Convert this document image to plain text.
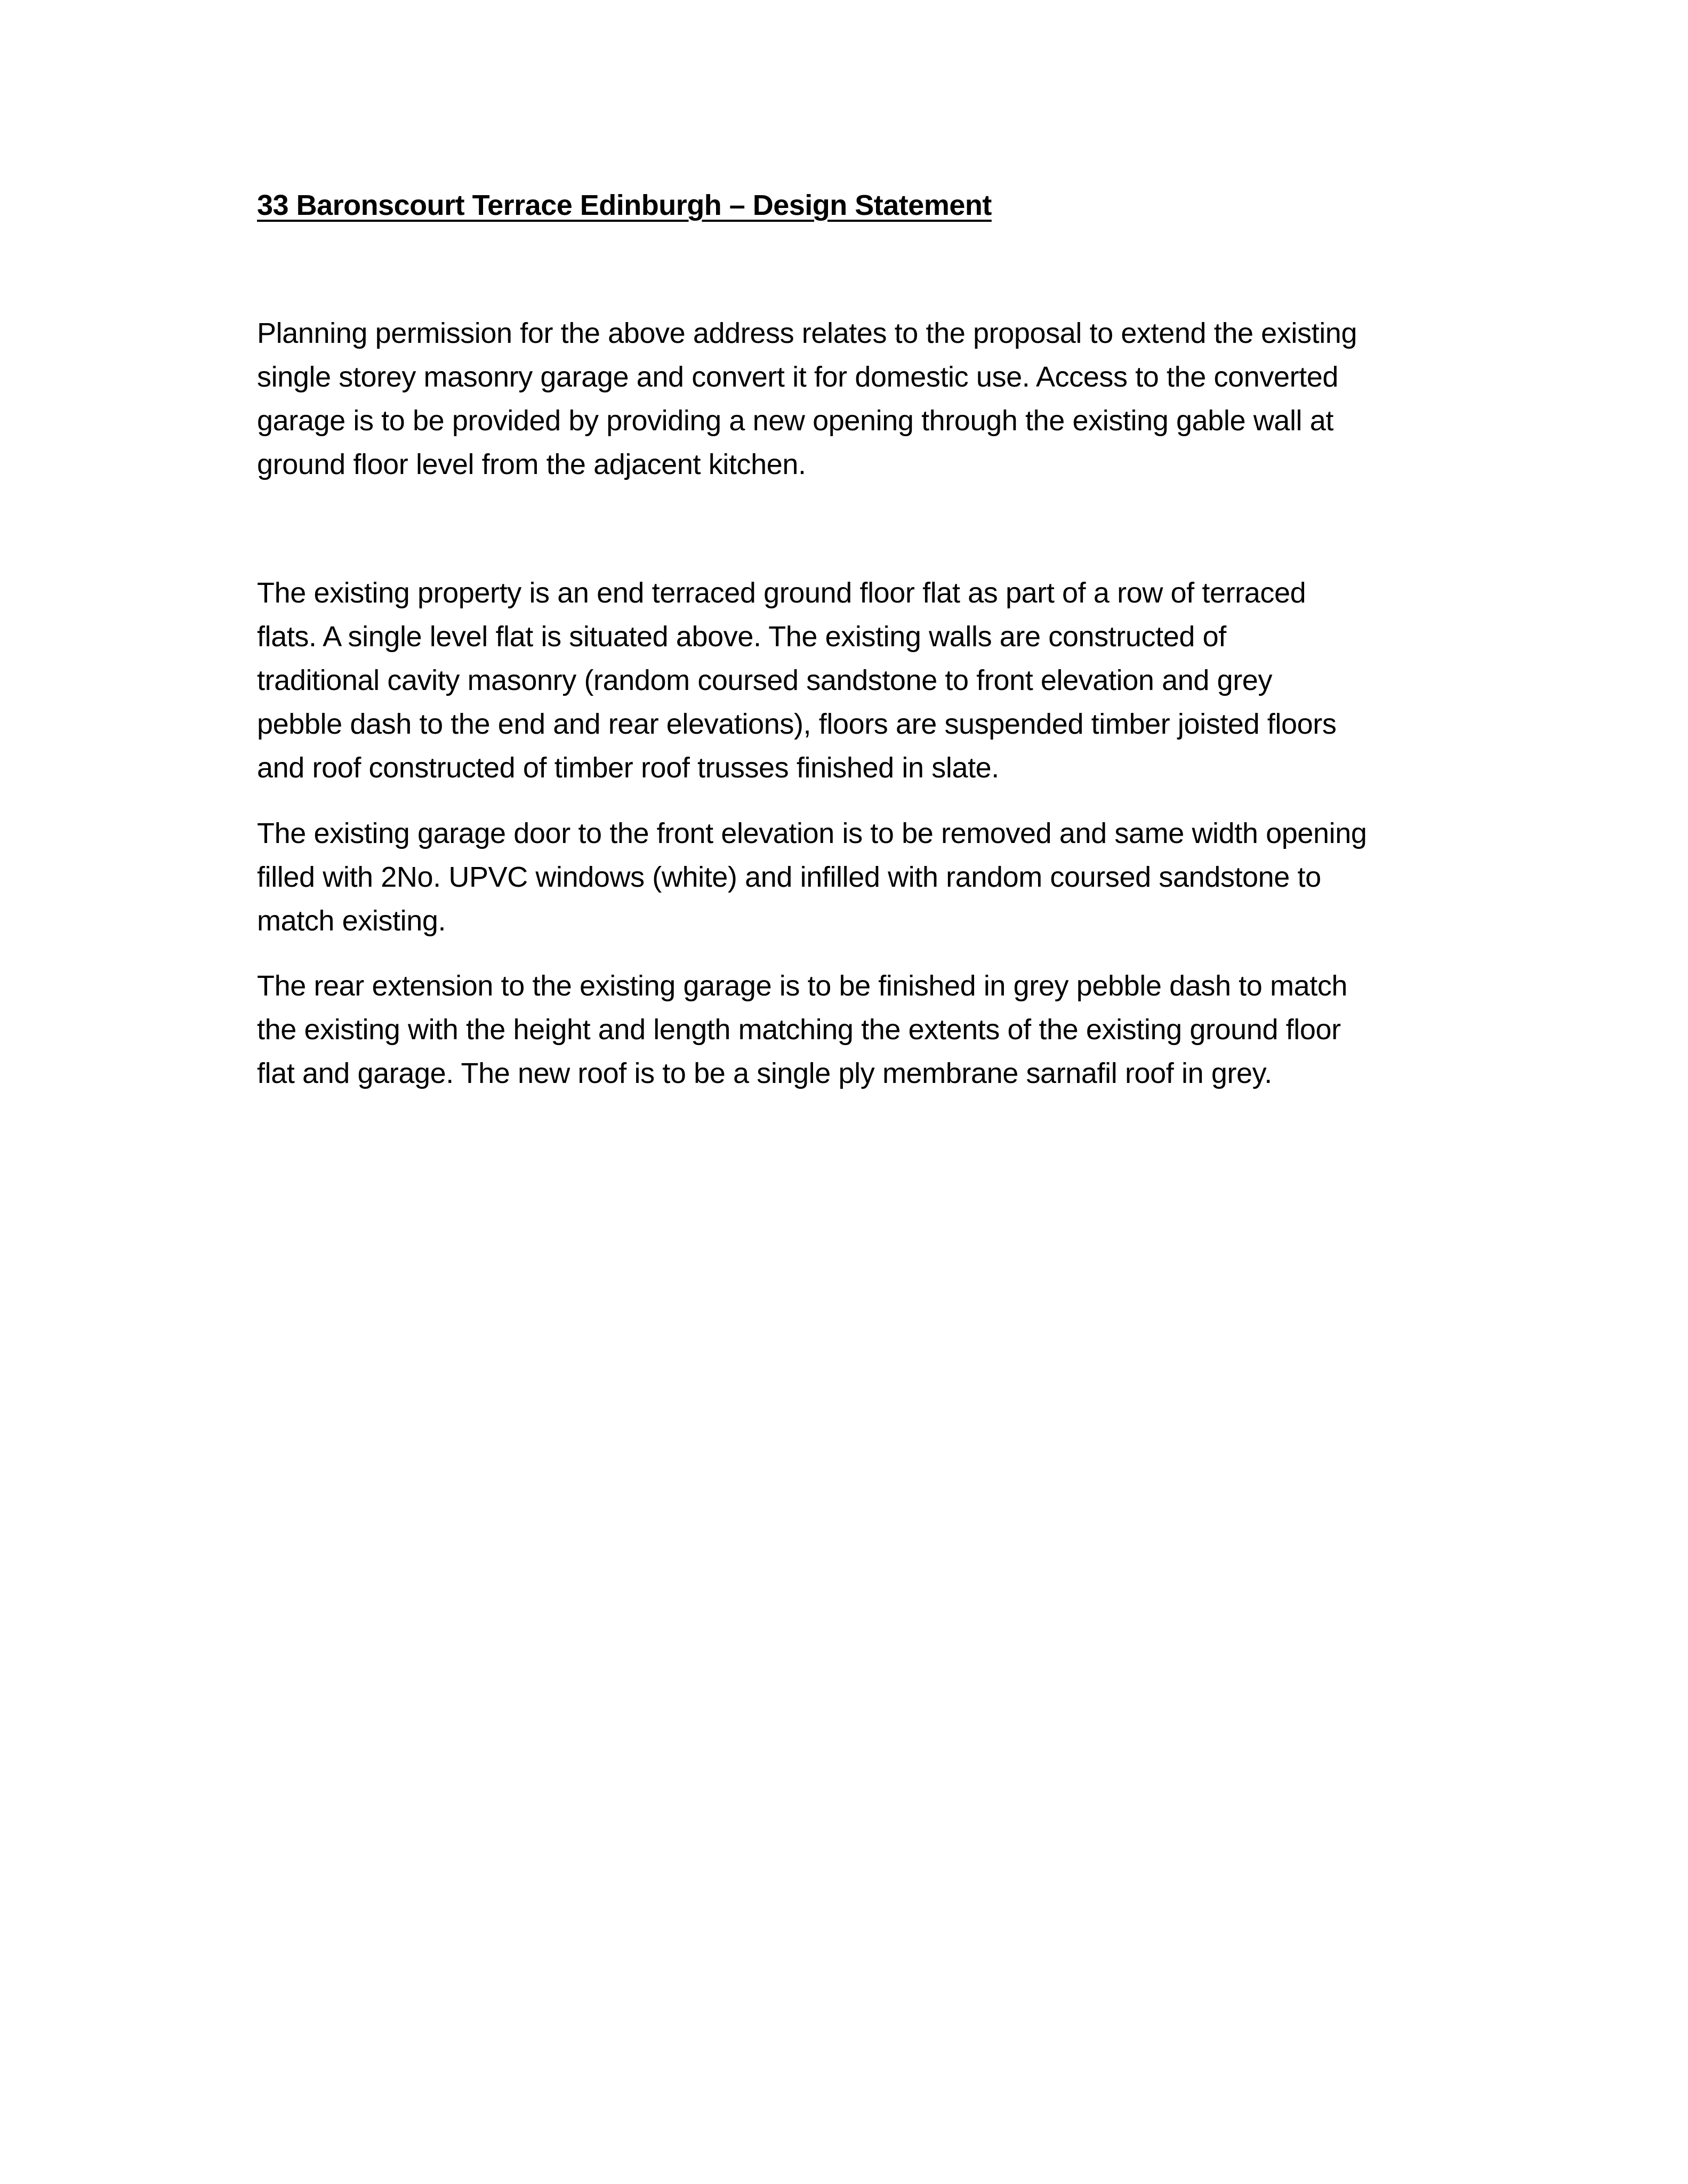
33 Baronscourt Terrace Edinburgh – Design Statement

Planning permission for the above address relates to the proposal to extend the existing
single storey masonry garage and convert it for domestic use. Access to the converted
garage is to be provided by providing a new opening through the existing gable wall at
ground floor level from the adjacent kitchen.

The existing property is an end terraced ground floor flat as part of a row of terraced
flats. A single level flat is situated above. The existing walls are constructed of
traditional cavity masonry (random coursed sandstone to front elevation and grey
pebble dash to the end and rear elevations), floors are suspended timber joisted floors
and roof constructed of timber roof trusses finished in slate.

The existing garage door to the front elevation is to be removed and same width opening
filled with 2No. UPVC windows (white) and infilled with random coursed sandstone to
match existing.

The rear extension to the existing garage is to be finished in grey pebble dash to match
the existing with the height and length matching the extents of the existing ground floor
flat and garage. The new roof is to be a single ply membrane sarnafil roof in grey.
